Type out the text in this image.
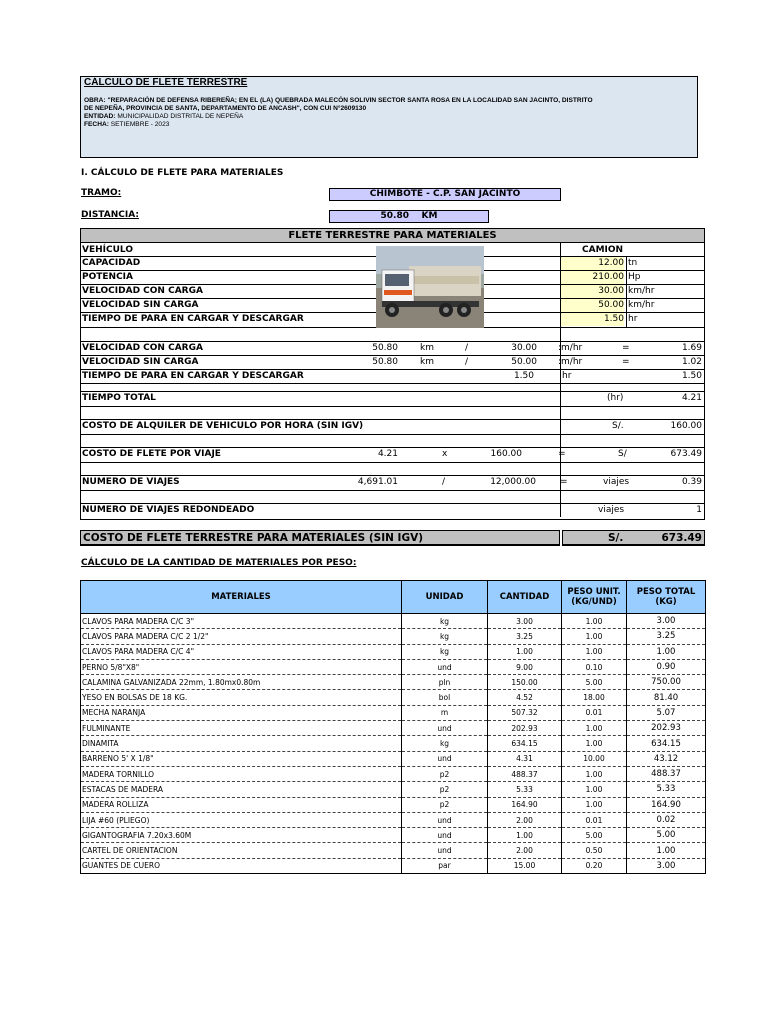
CÁLCULO DE FLETE TERRESTRE
OBRA: "REPARACIÓN DE DEFENSA RIBEREÑA; EN EL (LA) QUEBRADA MALECÓN SOLIVIN SECTOR SANTA ROSA EN LA LOCALIDAD SAN JACINTO, DISTRITO
DE NEPEÑA, PROVINCIA DE SANTA, DEPARTAMENTO DE ANCASH", CON CUI N°2609130
ENTIDAD: MUNICIPALIDAD DISTRITAL DE NEPEÑA
FECHA: SETIEMBRE - 2023
I. CÁLCULO DE FLETE PARA MATERIALES
TRAMO:	CHIMBOTE - C.P. SAN JACINTO
DISTANCIA:	50.80 KM
FLETE TERRESTRE PARA MATERIALES
VEHÍCULO	CAMION
CAPACIDAD	12.00 tn
POTENCIA	210.00 Hp
VELOCIDAD CON CARGA	30.00 km/hr
VELOCIDAD SIN CARGA	50.00 km/hr
TIEMPO DE PARA EN CARGAR Y DESCARGAR	1.50 hr
VELOCIDAD CON CARGA	50.80 km	/	30.00 :m/hr	=	1.69
VELOCIDAD SIN CARGA	50.80 km	/	50.00 :m/hr	=	1.02
TIEMPO DE PARA EN CARGAR Y DESCARGAR	1.50	hr	1.50
TIEMPO TOTAL	(hr)	4.21
COSTO DE ALQUILER DE VEHICULO POR HORA (SIN IGV)	S/.	160.00
COSTO DE FLETE POR VIAJE	4.21	x	160.00	=	S/	673.49
NUMERO DE VIAJES	4,691.01	/	12,000.00	=	viajes	0.39
NUMERO DE VIAJES REDONDEADO	viajes	1
COSTO DE FLETE TERRESTRE PARA MATERIALES (SIN IGV)	S/.	673.49
CÁLCULO DE LA CANTIDAD DE MATERIALES POR PESO:
MATERIALES	UNIDAD	CANTIDAD	PESO UNIT. (KG/UND)	PESO TOTAL (KG)
CLAVOS PARA MADERA C/C 3"	kg	3.00	1.00	3.00
CLAVOS PARA MADERA C/C 2 1/2"	kg	3.25	1.00	3.25
CLAVOS PARA MADERA C/C 4"	kg	1.00	1.00	1.00
PERNO 5/8"X8"	und	9.00	0.10	0.90
CALAMINA GALVANIZADA 22mm, 1.80mx0.80m	pln	150.00	5.00	750.00
YESO EN BOLSAS DE 18 KG.	bol	4.52	18.00	81.40
MECHA NARANJA	m	507.32	0.01	5.07
FULMINANTE	und	202.93	1.00	202.93
DINAMITA	kg	634.15	1.00	634.15
BARRENO 5' X 1/8"	und	4.31	10.00	43.12
MADERA TORNILLO	p2	488.37	1.00	488.37
ESTACAS DE MADERA	p2	5.33	1.00	5.33
MADERA ROLLIZA	p2	164.90	1.00	164.90
LIJA #60 (PLIEGO)	und	2.00	0.01	0.02
GIGANTOGRAFIA 7.20x3.60M	und	1.00	5.00	5.00
CARTEL DE ORIENTACION	und	2.00	0.50	1.00
GUANTES DE CUERO	par	15.00	0.20	3.00
